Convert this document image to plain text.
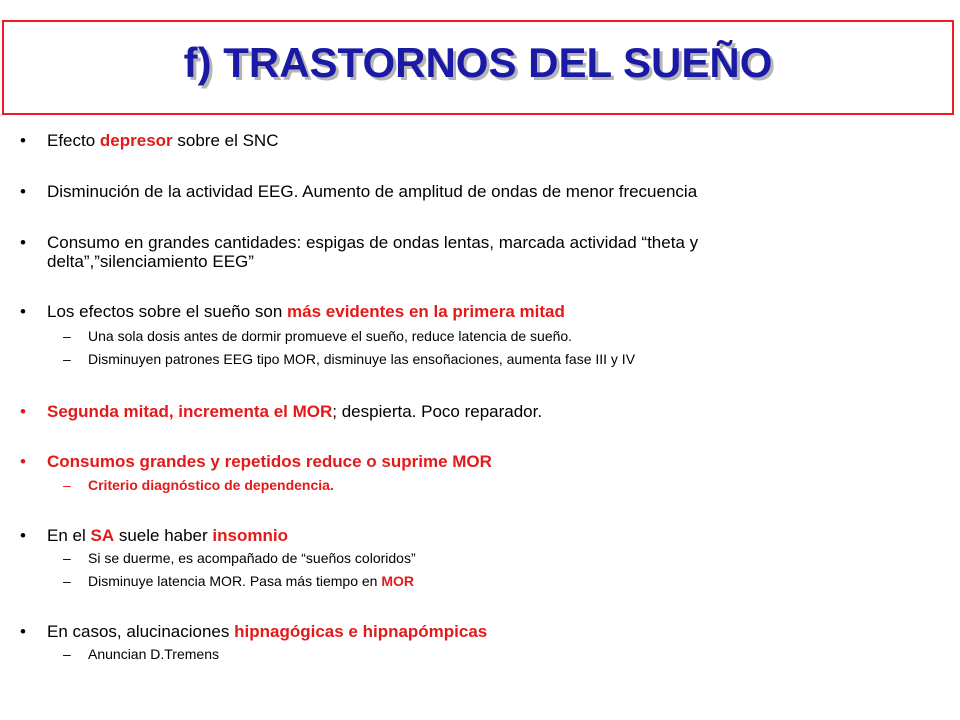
f) TRASTORNOS DEL SUEÑO
• Efecto depresor sobre el SNC
• Disminución de la actividad EEG. Aumento de amplitud de ondas de menor frecuencia
• Consumo en grandes cantidades: espigas de ondas lentas, marcada actividad “theta y
delta”,”silenciamiento EEG”
• Los efectos sobre el sueño son más evidentes en la primera mitad
– Una sola dosis antes de dormir promueve el sueño, reduce latencia de sueño.
– Disminuyen patrones EEG tipo MOR, disminuye las ensoñaciones, aumenta fase III y IV
• Segunda mitad, incrementa el MOR; despierta. Poco reparador.
• Consumos grandes y repetidos reduce o suprime MOR
– Criterio diagnóstico de dependencia.
• En el SA suele haber insomnio
– Si se duerme, es acompañado de “sueños coloridos”
– Disminuye latencia MOR. Pasa más tiempo en MOR
• En casos, alucinaciones hipnagógicas e hipnapómpicas
– Anuncian D.Tremens
